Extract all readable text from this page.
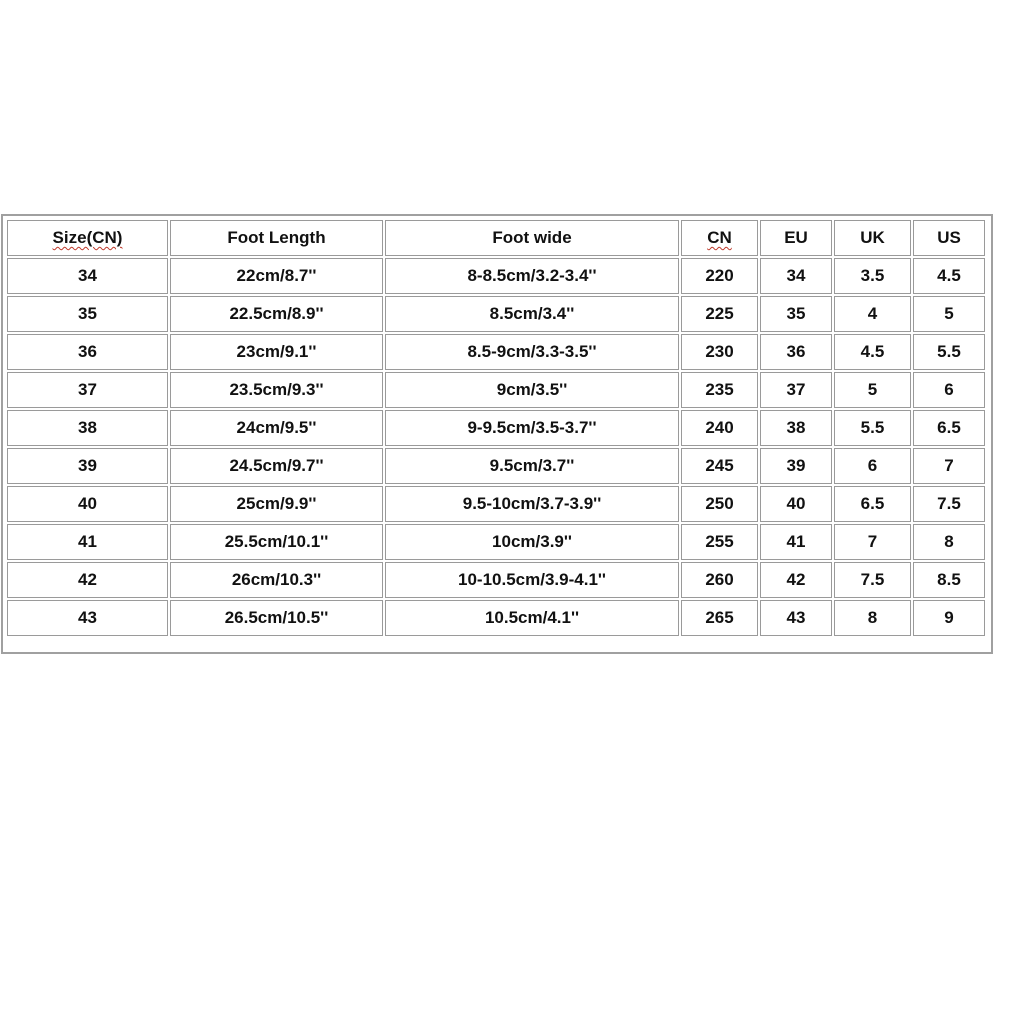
Size(CN)	Foot Length	Foot wide	CN	EU	UK	US
34	22cm/8.7''	8-8.5cm/3.2-3.4''	220	34	3.5	4.5
35	22.5cm/8.9''	8.5cm/3.4''	225	35	4	5
36	23cm/9.1''	8.5-9cm/3.3-3.5''	230	36	4.5	5.5
37	23.5cm/9.3''	9cm/3.5''	235	37	5	6
38	24cm/9.5''	9-9.5cm/3.5-3.7''	240	38	5.5	6.5
39	24.5cm/9.7''	9.5cm/3.7''	245	39	6	7
40	25cm/9.9''	9.5-10cm/3.7-3.9''	250	40	6.5	7.5
41	25.5cm/10.1''	10cm/3.9''	255	41	7	8
42	26cm/10.3''	10-10.5cm/3.9-4.1''	260	42	7.5	8.5
43	26.5cm/10.5''	10.5cm/4.1''	265	43	8	9
